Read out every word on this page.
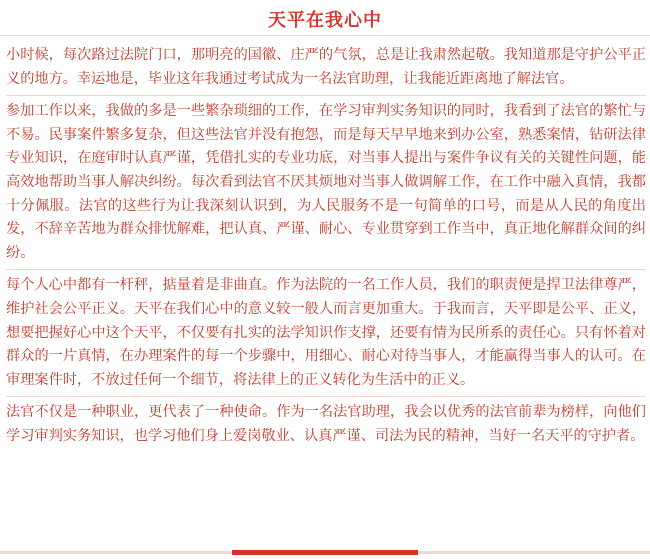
天平在我心中

小时候，每次路过法院门口，那明亮的国徽、庄严的气氛，总是让我肃然起敬。我知道那是守护公平正义的地方。幸运地是，毕业这年我通过考试成为一名法官助理，让我能近距离地了解法官。

参加工作以来，我做的多是一些繁杂琐细的工作，在学习审判实务知识的同时，我看到了法官的繁忙与不易。民事案件繁多复杂，但这些法官并没有抱怨，而是每天早早地来到办公室，熟悉案情，钻研法律专业知识，在庭审时认真严谨，凭借扎实的专业功底，对当事人提出与案件争议有关的关键性问题，能高效地帮助当事人解决纠纷。每次看到法官不厌其烦地对当事人做调解工作，在工作中融入真情，我都十分佩服。法官的这些行为让我深刻认识到，为人民服务不是一句简单的口号，而是从人民的角度出发，不辞辛苦地为群众排忧解难，把认真、严谨、耐心、专业贯穿到工作当中，真正地化解群众间的纠纷。

每个人心中都有一杆秤，掂量着是非曲直。作为法院的一名工作人员，我们的职责便是捍卫法律尊严，维护社会公平正义。天平在我们心中的意义较一般人而言更加重大。于我而言，天平即是公平、正义，想要把握好心中这个天平，不仅要有扎实的法学知识作支撑，还要有情为民所系的责任心。只有怀着对群众的一片真情，在办理案件的每一个步骤中，用细心、耐心对待当事人，才能赢得当事人的认可。在审理案件时，不放过任何一个细节，将法律上的正义转化为生活中的正义。

法官不仅是一种职业，更代表了一种使命。作为一名法官助理，我会以优秀的法官前辈为榜样，向他们学习审判实务知识，也学习他们身上爱岗敬业、认真严谨、司法为民的精神，当好一名天平的守护者。
